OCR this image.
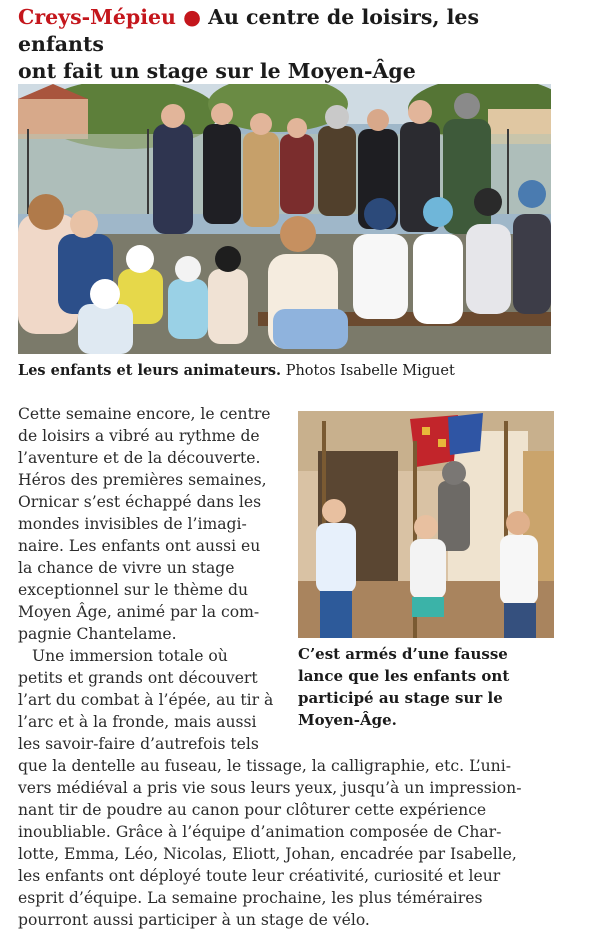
Creys-Mépieu ● Au centre de loisirs, les enfants
ont fait un stage sur le Moyen-Âge
Les enfants et leurs animateurs. Photos Isabelle Miguet
C’est armés d’une fausse
lance que les enfants ont
participé au stage sur le
Moyen-Âge.
Cette semaine encore, le centre
de loisirs a vibré au rythme de
l’aventure et de la découverte.
Héros des premières semaines,
Ornicar s’est échappé dans les
mondes invisibles de l’imagi-
naire. Les enfants ont aussi eu
la chance de vivre un stage
exceptionnel sur le thème du
Moyen Âge, animé par la com-
pagnie Chantelame.
Une immersion totale où
petits et grands ont découvert
l’art du combat à l’épée, au tir à
l’arc et à la fronde, mais aussi
les savoir-faire d’autrefois tels
que la dentelle au fuseau, le tissage, la calligraphie, etc. L’uni-
vers médiéval a pris vie sous leurs yeux, jusqu’à un impression-
nant tir de poudre au canon pour clôturer cette expérience
inoubliable. Grâce à l’équipe d’animation composée de Char-
lotte, Emma, Léo, Nicolas, Eliott, Johan, encadrée par Isabelle,
les enfants ont déployé toute leur créativité, curiosité et leur
esprit d’équipe. La semaine prochaine, les plus téméraires
pourront aussi participer à un stage de vélo.
